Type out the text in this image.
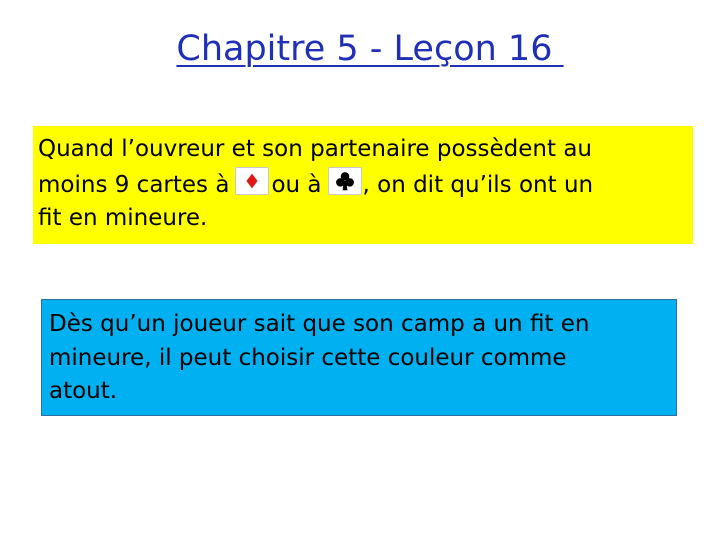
Chapitre 5 - Leçon 16
Quand l’ouvreur et son partenaire possèdent au
moins 9 cartes à ou à , on dit qu’ils ont un
fit en mineure.
Dès qu’un joueur sait que son camp a un fit en
mineure, il peut choisir cette couleur comme
atout.
